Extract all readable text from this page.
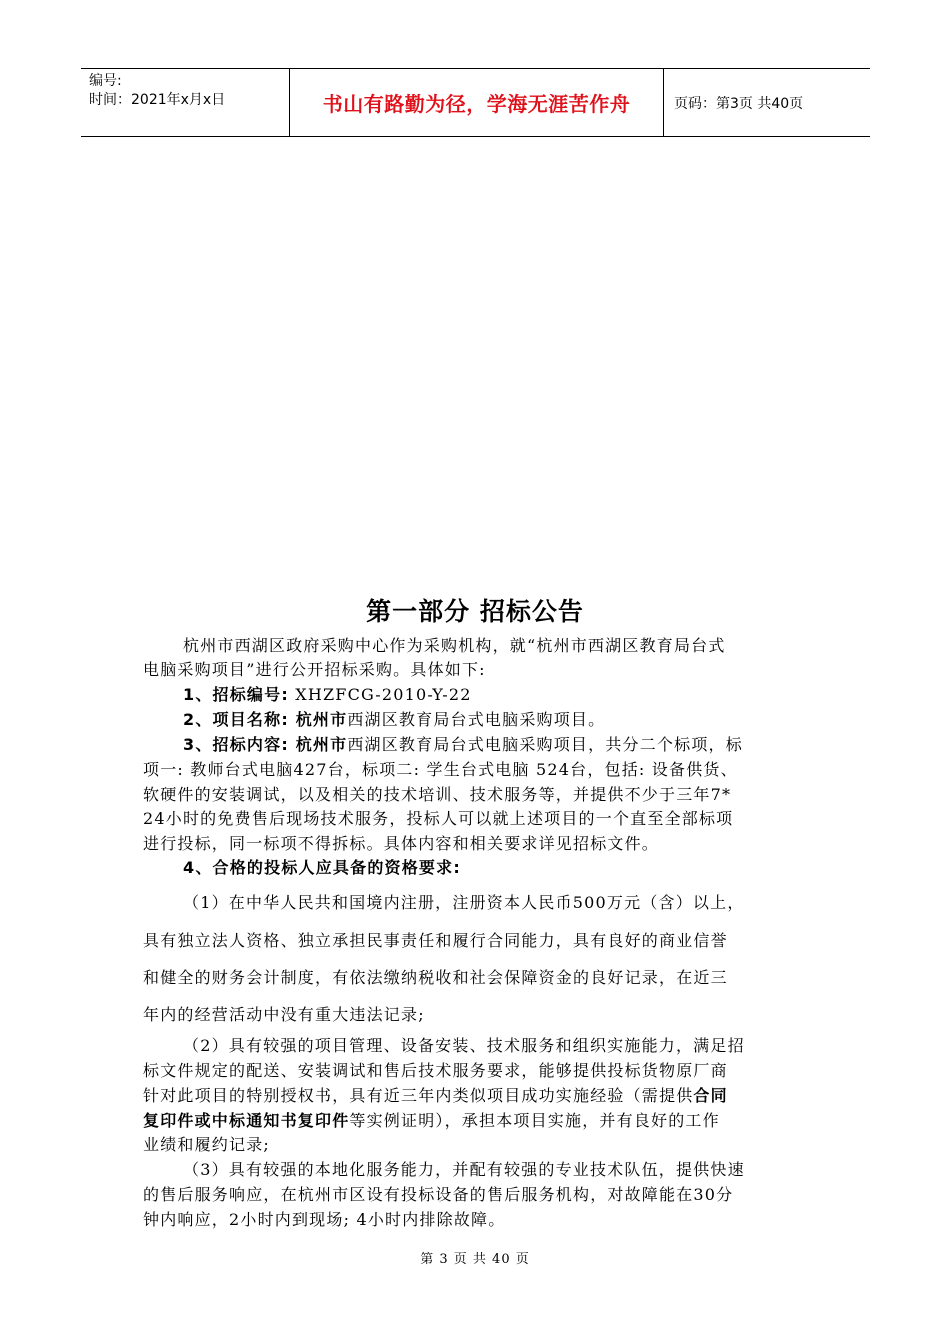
编号:
时间：2021年x月x日	书山有路勤为径，学海无涯苦作舟	页码：第3页 共40页
第一部分 招标公告
杭州市西湖区政府采购中心作为采购机构，就“杭州市西湖区教育局台式
电脑采购项目”进行公开招标采购。具体如下:
1、招标编号: XHZFCG-2010-Y-22
2、项目名称: 杭州市西湖区教育局台式电脑采购项目。
3、招标内容: 杭州市西湖区教育局台式电脑采购项目，共分二个标项，标
项一: 教师台式电脑427台，标项二: 学生台式电脑 524台，包括: 设备供货、
软硬件的安装调试，以及相关的技术培训、技术服务等，并提供不少于三年7*
24小时的免费售后现场技术服务，投标人可以就上述项目的一个直至全部标项
进行投标，同一标项不得拆标。具体内容和相关要求详见招标文件。
4、合格的投标人应具备的资格要求:
（1）在中华人民共和国境内注册，注册资本人民币500万元（含）以上，
具有独立法人资格、独立承担民事责任和履行合同能力，具有良好的商业信誉
和健全的财务会计制度，有依法缴纳税收和社会保障资金的良好记录，在近三
年内的经营活动中没有重大违法记录;
（2）具有较强的项目管理、设备安装、技术服务和组织实施能力，满足招
标文件规定的配送、安装调试和售后技术服务要求，能够提供投标货物原厂商
针对此项目的特别授权书，具有近三年内类似项目成功实施经验（需提供合同
复印件或中标通知书复印件等实例证明），承担本项目实施，并有良好的工作
业绩和履约记录;
（3）具有较强的本地化服务能力，并配有较强的专业技术队伍，提供快速
的售后服务响应，在杭州市区设有投标设备的售后服务机构，对故障能在30分
钟内响应，2小时内到现场; 4小时内排除故障。
第 3 页 共 40 页
